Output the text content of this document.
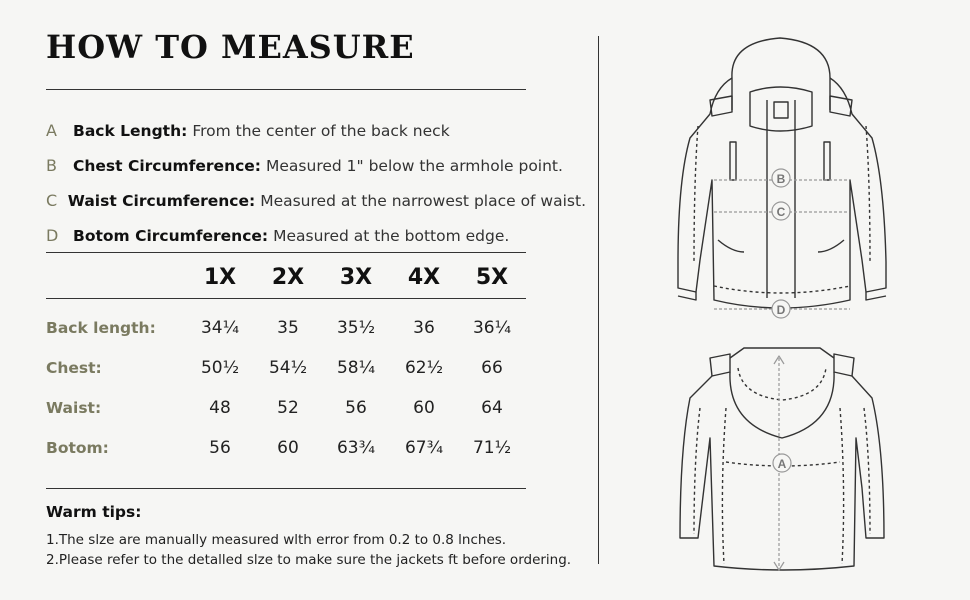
HOW TO MEASURE
A	Back Length: From the center of the back neck
B	Chest Circumference: Measured 1" below the armhole point.
C Waist Circumference: Measured at the narrowest place of waist.
D Botom Circumference: Measured at the bottom edge.
	1X	2X	3X	4X	5X

Back length:	34¼	35	35½	36	36¼
Chest:	50½	54½	58¼	62½	66
Waist:	48	52	56	60	64
Botom:	56	60	63¾	67¾	71½
Warm tips:
1.The slze are manually measured wlth error from 0.2 to 0.8 lnches.
2.Please refer to the detalled slze to make sure the jackets ft before ordering.
B
C
D
A
